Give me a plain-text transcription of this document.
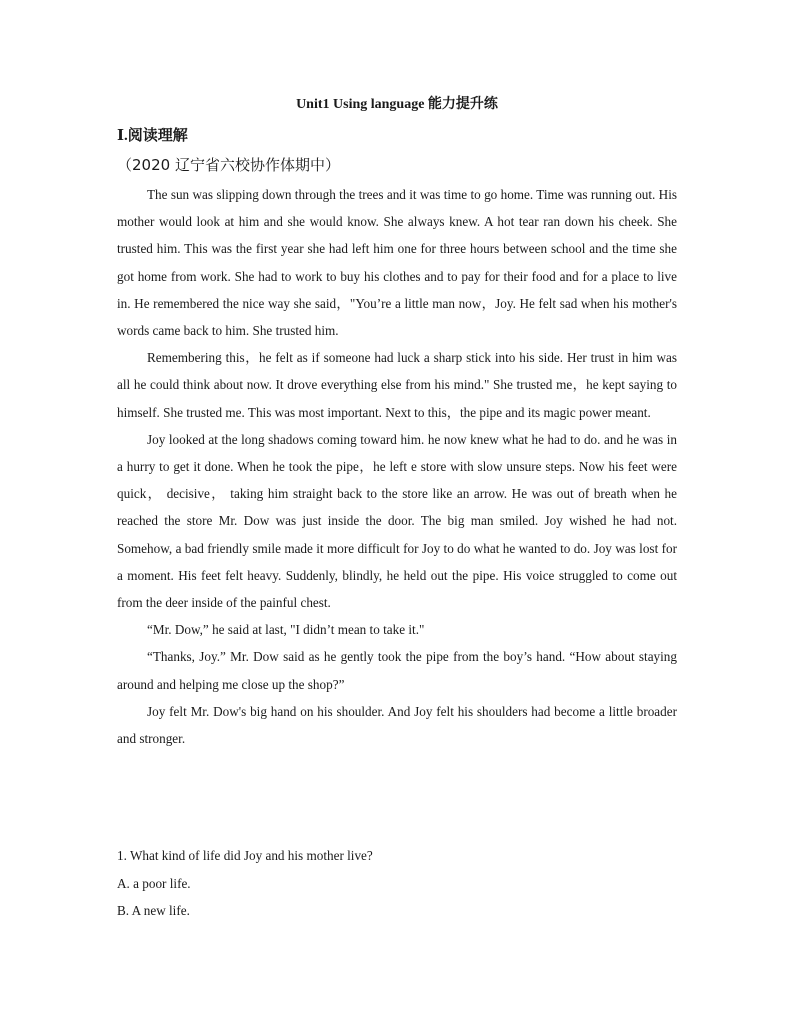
Unit1 Using language 能力提升练
Ⅰ.阅读理解
（2020 辽宁省六校协作体期中）

The sun was slipping down through the trees and it was time to go home. Time was running out. His mother would look at him and she would know. She always knew. A hot tear ran down his cheek. She trusted him. This was the first year she had left him one for three hours between school and the time she got home from work. She had to work to buy his clothes and to pay for their food and for a place to live in. He remembered the nice way she said，"You’re a little man now，Joy. He felt sad when his mother's words came back to him. She trusted him.

Remembering this，he felt as if someone had luck a sharp stick into his side. Her trust in him was all he could think about now. It drove everything else from his mind." She trusted me，he kept saying to himself. She trusted me. This was most important. Next to this，the pipe and its magic power meant.

Joy looked at the long shadows coming toward him. he now knew what he had to do. and he was in a hurry to get it done. When he took the pipe，he left e store with slow unsure steps. Now his feet were quick， decisive， taking him straight back to the store like an arrow. He was out of breath when he reached the store Mr. Dow was just inside the door. The big man smiled. Joy wished he had not. Somehow, a bad friendly smile made it more difficult for Joy to do what he wanted to do. Joy was lost for a moment. His feet felt heavy. Suddenly, blindly, he held out the pipe. His voice struggled to come out from the deer inside of the painful chest.

“Mr. Dow,” he said at last, "I didn’t mean to take it."

“Thanks, Joy.” Mr. Dow said as he gently took the pipe from the boy’s hand. “How about staying around and helping me close up the shop?”

Joy felt Mr. Dow's big hand on his shoulder. And Joy felt his shoulders had become a little broader and stronger.

1. What kind of life did Joy and his mother live?
A. a poor life.
B. A new life.
